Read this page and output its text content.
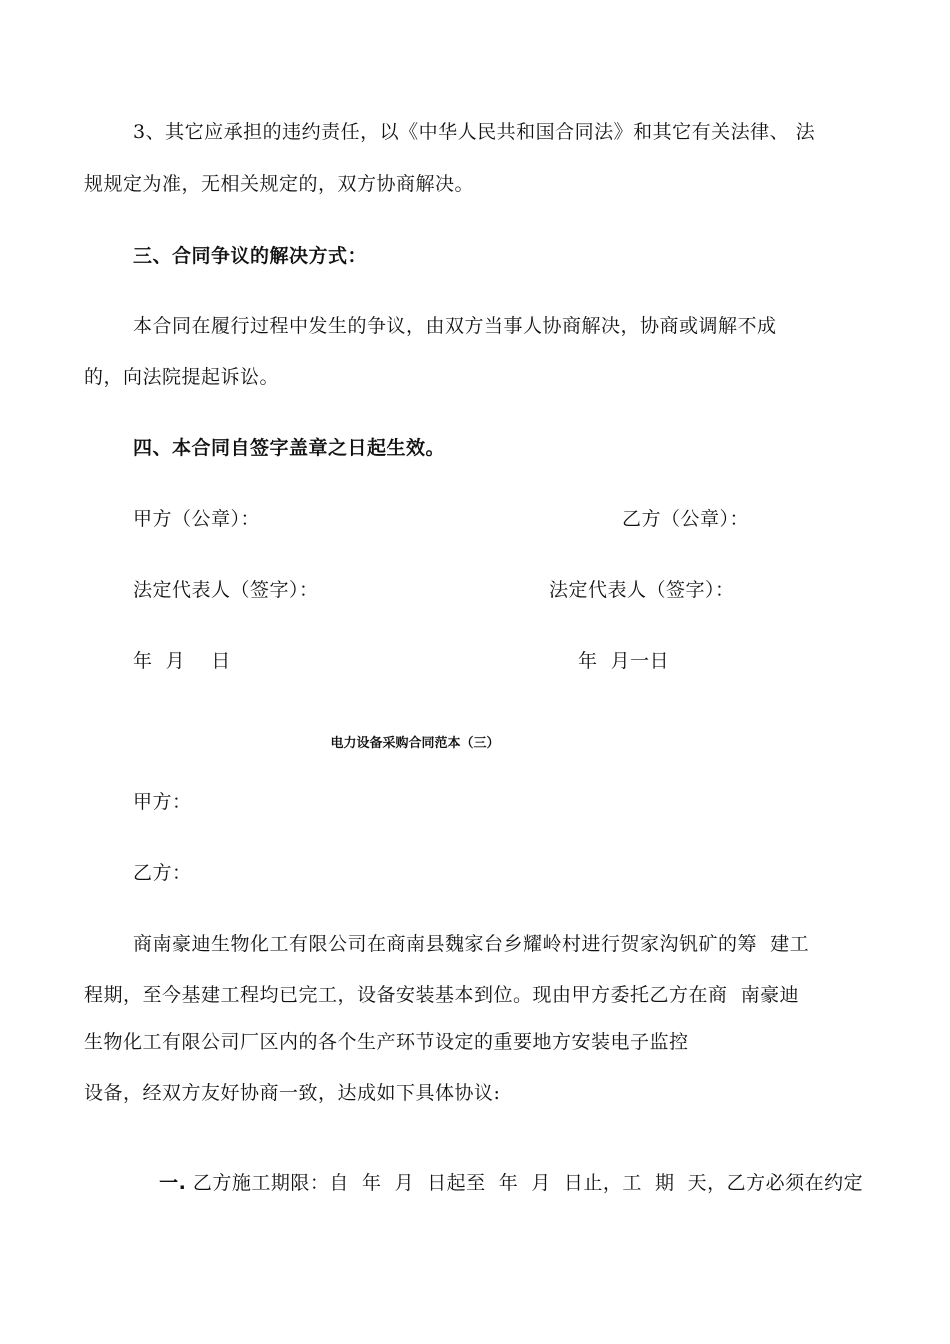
3、其它应承担的违约责任，以《中华人民共和国合同法》和其它有关法律、 法
规规定为准，无相关规定的，双方协商解决。
三、合同争议的解决方式：
本合同在履行过程中发生的争议，由双方当事人协商解决，协商或调解不成
的，向法院提起诉讼。
四、本合同自签字盖章之日起生效。
甲方（公章）：	乙方（公章）：
法定代表人（签字）：	法定代表人（签字）：
年  月    日	年  月一日
电力设备采购合同范本（三）
甲方：
乙方：
商南豪迪生物化工有限公司在商南县魏家台乡耀岭村进行贺家沟钒矿的筹  建工
程期，至今基建工程均已完工，设备安装基本到位。现由甲方委托乙方在商  南豪迪
生物化工有限公司厂区内的各个生产环节设定的重要地方安装电子监控
设备，经双方友好协商一致，达成如下具体协议:

一. 乙方施工期限：自  年  月  日起至  年  月  日止，工  期  天，乙方必须在约定
